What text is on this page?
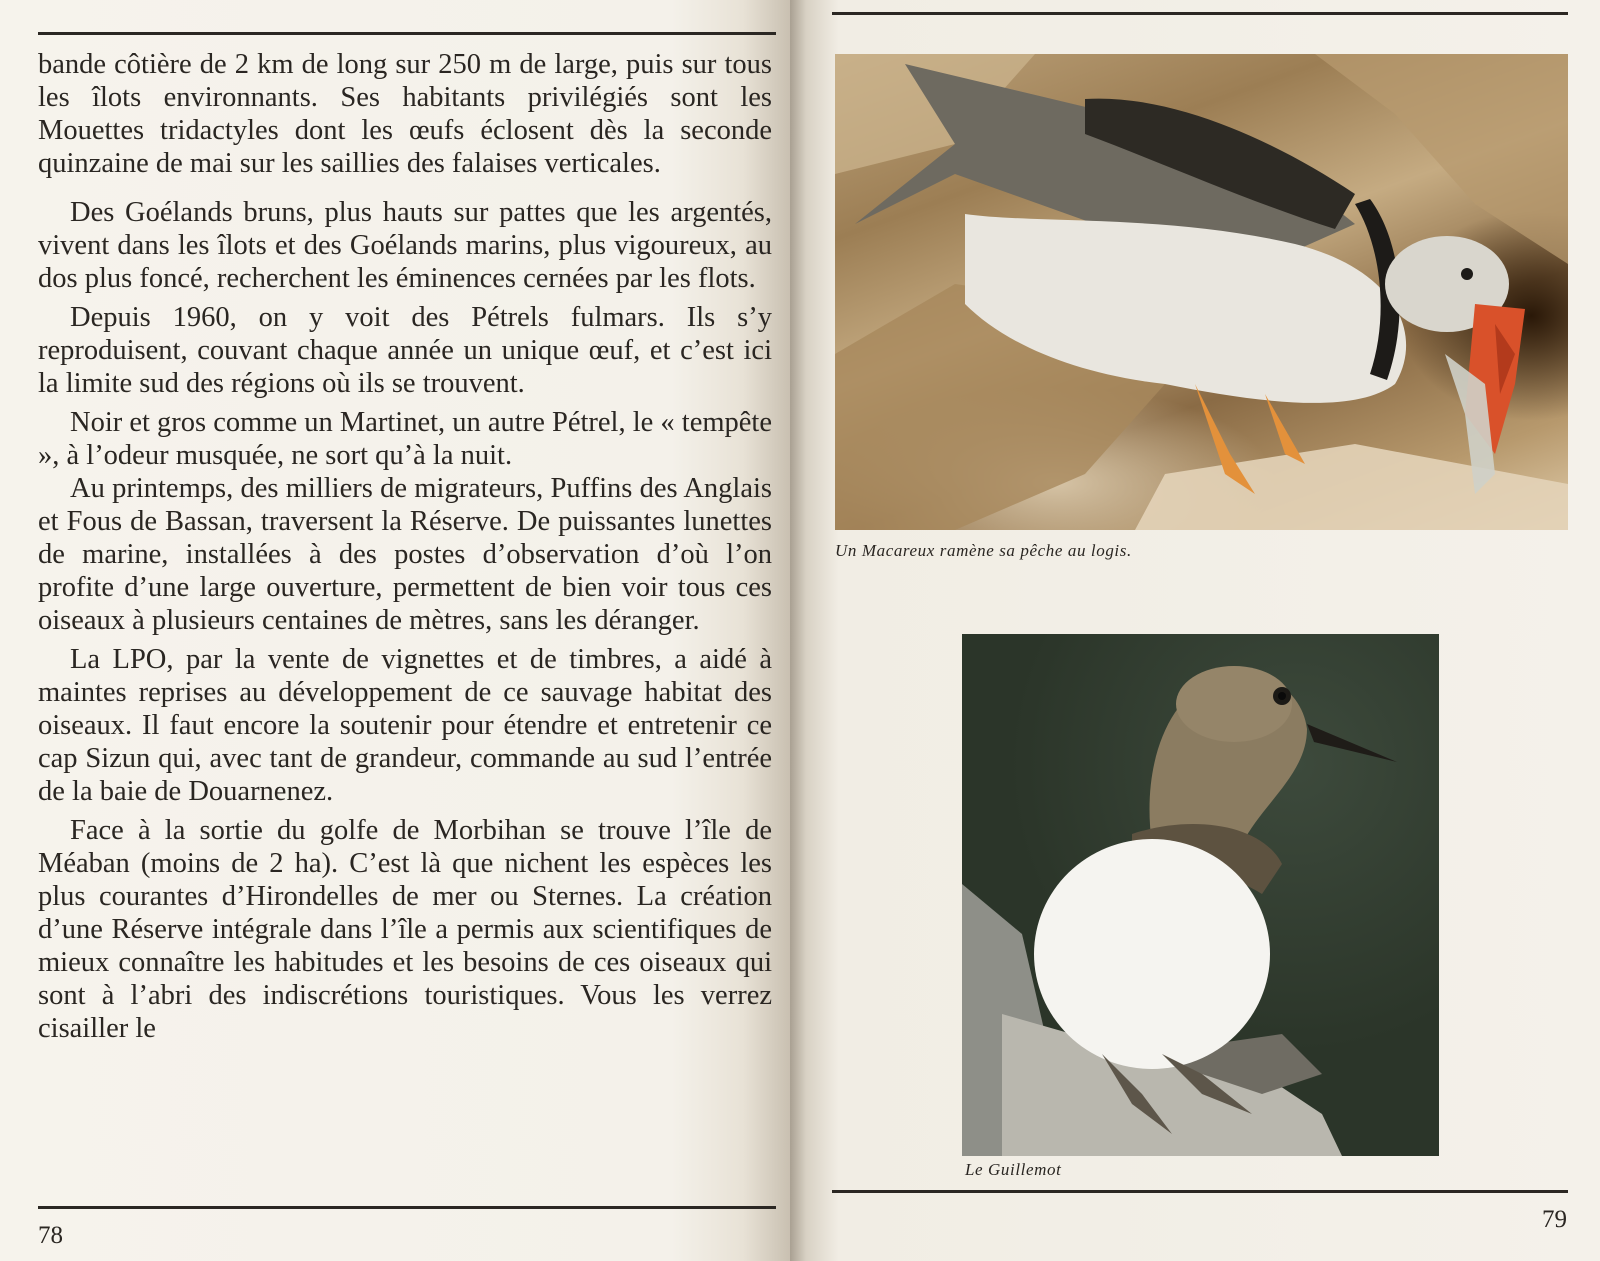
bande côtière de 2 km de long sur 250 m de large, puis sur tous les îlots environnants. Ses habitants privilégiés sont les Mouettes tridactyles dont les œufs éclosent dès la seconde quinzaine de mai sur les saillies des falaises verticales.

Des Goélands bruns, plus hauts sur pattes que les argentés, vivent dans les îlots et des Goélands marins, plus vigoureux, au dos plus foncé, recherchent les éminences cernées par les flots.

Depuis 1960, on y voit des Pétrels fulmars. Ils s’y reproduisent, couvant chaque année un unique œuf, et c’est ici la limite sud des régions où ils se trouvent.

Noir et gros comme un Martinet, un autre Pétrel, le « tempête », à l’odeur musquée, ne sort qu’à la nuit.

Au printemps, des milliers de migrateurs, Puffins des Anglais et Fous de Bassan, traversent la Réserve. De puissantes lunettes de marine, installées à des postes d’observation d’où l’on profite d’une large ouverture, permettent de bien voir tous ces oiseaux à plusieurs centaines de mètres, sans les déranger.

La LPO, par la vente de vignettes et de timbres, a aidé à maintes reprises au développement de ce sauvage habitat des oiseaux. Il faut encore la soutenir pour étendre et entretenir ce cap Sizun qui, avec tant de grandeur, commande au sud l’entrée de la baie de Douarnenez.

Face à la sortie du golfe de Morbihan se trouve l’île de Méaban (moins de 2 ha). C’est là que nichent les espèces les plus courantes d’Hirondelles de mer ou Sternes. La création d’une Réserve intégrale dans l’île a permis aux scientifiques de mieux connaître les habitudes et les besoins de ces oiseaux qui sont à l’abri des indiscrétions touristiques. Vous les verrez cisailler le

78

Un Macareux ramène sa pêche au logis.

Le Guillemot

79
